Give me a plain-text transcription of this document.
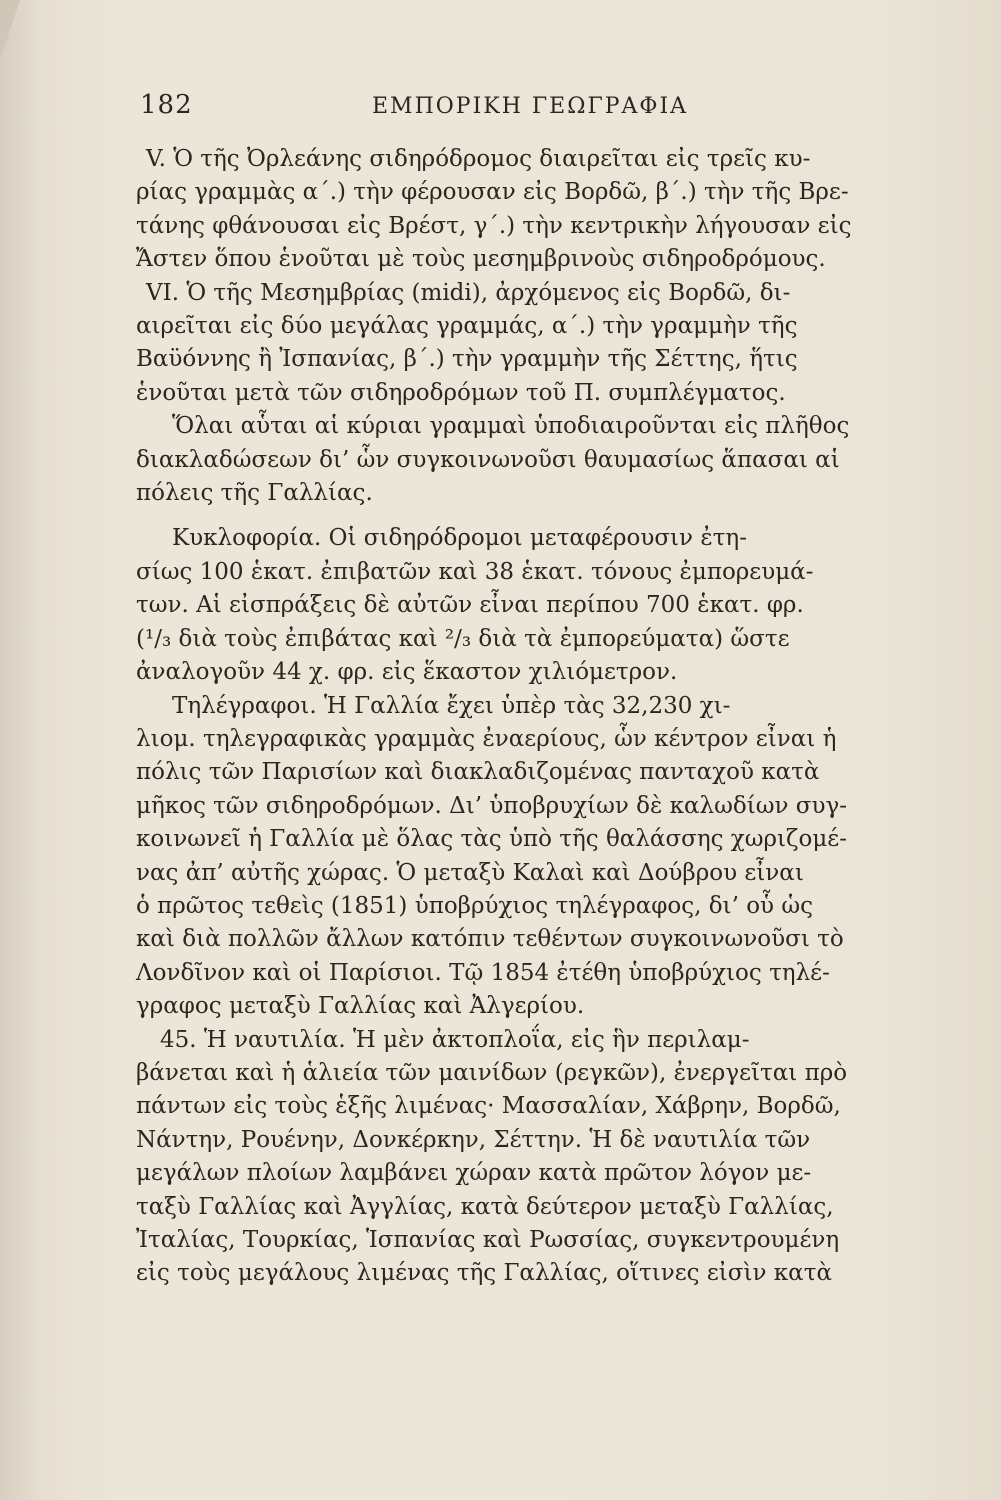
182	ΕΜΠΟΡΙΚΗ ΓΕΩΓΡΑΦΙΑ
V. Ὁ τῆς Ὀρλεάνης σιδηρόδρομος διαιρεῖται εἰς τρεῖς κυ-
ρίας γραμμὰς α΄.) τὴν φέρουσαν εἰς Βορδῶ, β΄.) τὴν τῆς Βρε-
τάνης φθάνουσαι εἰς Βρέστ, γ΄.) τὴν κεντρικὴν λήγουσαν εἰς
Ἄστεν ὅπου ἑνοῦται μὲ τοὺς μεσημβρινοὺς σιδηροδρόμους.
VI. Ὁ τῆς Μεσημβρίας (midi), ἀρχόμενος εἰς Βορδῶ, δι-
αιρεῖται εἰς δύο μεγάλας γραμμάς, α΄.) τὴν γραμμὴν τῆς
Βαϋόννης ἢ Ἰσπανίας, β΄.) τὴν γραμμὴν τῆς Σέττης, ἥτις
ἑνοῦται μετὰ τῶν σιδηροδρόμων τοῦ Π. συμπλέγματος.
Ὅλαι αὗται αἱ κύριαι γραμμαὶ ὑποδιαιροῦνται εἰς πλῆθος
διακλαδώσεων δι’ ὧν συγκοινωνοῦσι θαυμασίως ἅπασαι αἱ
πόλεις τῆς Γαλλίας.
Κυκλοφορία. Οἱ σιδηρόδρομοι μεταφέρουσιν ἐτη-
σίως 100 ἑκατ. ἐπιβατῶν καὶ 38 ἑκατ. τόνους ἐμπορευμά-
των. Αἱ εἰσπράξεις δὲ αὐτῶν εἶναι περίπου 700 ἑκατ. φρ.
(¹/₃ διὰ τοὺς ἐπιβάτας καὶ ²/₃ διὰ τὰ ἐμπορεύματα) ὥστε
ἀναλογοῦν 44 χ. φρ. εἰς ἕκαστον χιλιόμετρον.
Τηλέγραφοι. Ἡ Γαλλία ἔχει ὑπὲρ τὰς 32,230 χι-
λιομ. τηλεγραφικὰς γραμμὰς ἐναερίους, ὧν κέντρον εἶναι ἡ
πόλις τῶν Παρισίων καὶ διακλαδιζομένας πανταχοῦ κατὰ
μῆκος τῶν σιδηροδρόμων. Δι’ ὑποβρυχίων δὲ καλωδίων συγ-
κοινωνεῖ ἡ Γαλλία μὲ ὅλας τὰς ὑπὸ τῆς θαλάσσης χωριζομέ-
νας ἀπ’ αὐτῆς χώρας. Ὁ μεταξὺ Καλαὶ καὶ Δούβρου εἶναι
ὁ πρῶτος τεθεὶς (1851) ὑποβρύχιος τηλέγραφος, δι’ οὗ ὡς
καὶ διὰ πολλῶν ἄλλων κατόπιν τεθέντων συγκοινωνοῦσι τὸ
Λονδῖνον καὶ οἱ Παρίσιοι. Τῷ 1854 ἐτέθη ὑποβρύχιος τηλέ-
γραφος μεταξὺ Γαλλίας καὶ Ἀλγερίου.
45. Ἡ ναυτιλία. Ἡ μὲν ἀκτοπλοΐα, εἰς ἣν περιλαμ-
βάνεται καὶ ἡ ἁλιεία τῶν μαινίδων (ρεγκῶν), ἐνεργεῖται πρὸ
πάντων εἰς τοὺς ἑξῆς λιμένας· Μασσαλίαν, Χάβρην, Βορδῶ,
Νάντην, Ρουένην, Δονκέρκην, Σέττην. Ἡ δὲ ναυτιλία τῶν
μεγάλων πλοίων λαμβάνει χώραν κατὰ πρῶτον λόγον με-
ταξὺ Γαλλίας καὶ Ἀγγλίας, κατὰ δεύτερον μεταξὺ Γαλλίας,
Ἰταλίας, Τουρκίας, Ἱσπανίας καὶ Ρωσσίας, συγκεντρουμένη
εἰς τοὺς μεγάλους λιμένας τῆς Γαλλίας, οἵτινες εἰσὶν κατὰ
